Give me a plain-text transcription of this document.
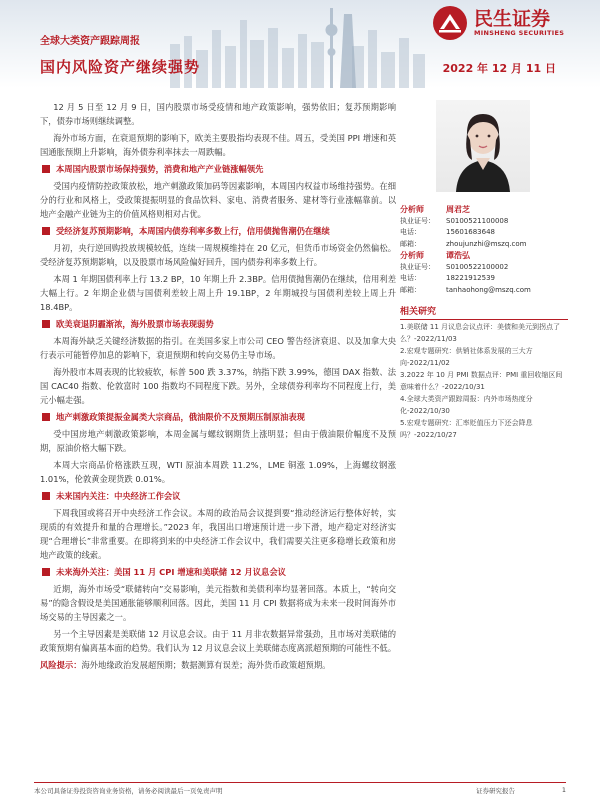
民生证券
MINSHENG SECURITIES
全球大类资产跟踪周报
国内风险资产继续强势	2022 年 12 月 11 日

12 月 5 日至 12 月 9 日，国内股票市场受疫情和地产政策影响，强势依旧；复苏预期影响下，债券市场则继续调整。

海外市场方面，在衰退预期的影响下，欧美主要股指均表现不佳。周五，受美国 PPI 增速和英国通胀预期上升影响，海外债券利率抹去一周跌幅。

本周国内股票市场保持强势，消费和地产产业链涨幅领先

受国内疫情防控政策放松，地产刺激政策加码等因素影响，本周国内权益市场维持强势。在细分的行业和风格上，受政策提振明显的食品饮料、家电、消费者服务、建材等行业涨幅靠前。以地产金融产业链为主的价值风格则相对占优。

受经济复苏预期影响，本周国内债券利率多数上行，信用债抛售潮仍在继续

月初，央行逆回购投放规模较低，连续一周规模维持在 20 亿元，但货币市场资金仍然偏松。受经济复苏预期影响，以及股票市场风险偏好回升，国内债券利率多数上行。

本周 1 年期国债利率上行 13.2 BP，10 年期上升 2.3BP。信用债抛售潮仍在继续，信用利差大幅上行。2 年期企业债与国债利差较上周上升 19.1BP，2 年期城投与国债利差较上周上升 18.4BP。

欧美衰退阴霾渐浓，海外股票市场表现弱势

本周海外缺乏关键经济数据的指引。在美国多家上市公司 CEO 警告经济衰退、以及加拿大央行表示可能暂停加息的影响下，衰退预期和转向交易仍主导市场。

海外股市本周表现的比较疲软，标普 500 跌 3.37%，纳指下跌 3.99%，德国 DAX 指数、法国 CAC40 指数、伦敦富时 100 指数均不同程度下跌。另外，全球债券利率均不同程度上行，美元小幅走强。

地产刺激政策提振金属类大宗商品，俄油限价不及预期压制原油表现

受中国房地产刺激政策影响，本周金属与螺纹钢期货上涨明显；但由于俄油限价幅度不及预期，原油价格大幅下跌。

本周大宗商品价格涨跌互现，WTI 原油本周跌 11.2%，LME 铜涨 1.09%，上海螺纹钢涨 1.01%，伦敦黄金现货跌 0.01%。

未来国内关注：中央经济工作会议

下周我国或将召开中央经济工作会议。本周的政治局会议提到要“推动经济运行整体好转，实现质的有效提升和量的合理增长。”2023 年，我国出口增速预计进一步下滑，地产稳定对经济实现“合理增长”非常重要。在即将到来的中央经济工作会议中，我们需要关注更多稳增长政策和房地产政策的线索。

未来海外关注：美国 11 月 CPI 增速和美联储 12 月议息会议

近期，海外市场受“联储转向”交易影响，美元指数和美债利率均显著回落。本质上，“转向交易”的隐含假设是美国通胀能够顺利回落。因此，美国 11 月 CPI 数据将成为未来一段时间海外市场交易的主导因素之一。

另一个主导因素是美联储 12 月议息会议。由于 11 月非农数据异常强劲，且市场对美联储的政策预期有偏离基本面的趋势。我们认为 12 月议息会议上美联储态度离派超预期的可能性不低。

风险提示：海外地缘政治发展超预期；数据测算有误差；海外货币政策超预期。

分析师	周君芝
执业证号：	S0100521100008
电话：	15601683648
邮箱：	zhoujunzhi@mszq.com
分析师	谭浩弘
执业证号：	S0100522100002
电话：	18221912539
邮箱：	tanhaohong@mszq.com
相关研究
1.美联储 11 月议息会议点评：美债和美元到拐点了么？-2022/11/03
2.宏观专题研究：供销社体系发展的三大方向-2022/11/02
3.2022 年 10 月 PMI 数据点评：PMI 重回收缩区间意味着什么？-2022/10/31
4.全球大类资产跟踪周报：内外市场热度分化-2022/10/30
5.宏观专题研究：汇率贬值压力下还会降息吗？-2022/10/27
本公司具备证券投资咨询业务资格，请务必阅读最后一页免责声明	证券研究报告	1
